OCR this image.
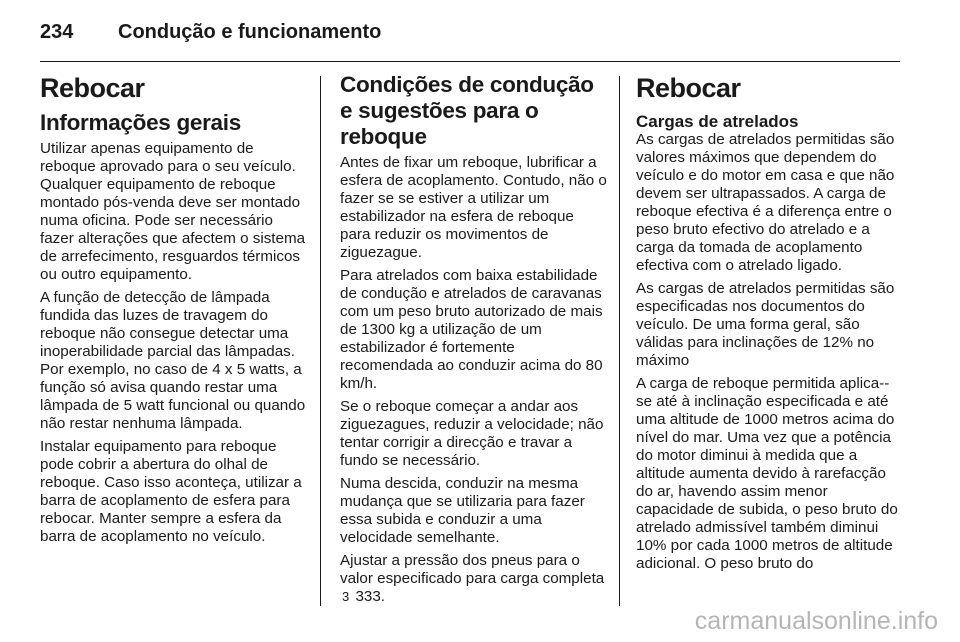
234	Condução e funcionamento
Rebocar
Informações gerais

Utilizar apenas equipamento de reboque aprovado para o seu veículo. Qualquer equipamento de reboque montado pós-venda deve ser montado numa oficina. Pode ser necessário fazer alterações que afectem o sistema de arrefecimento, resguardos térmicos ou outro equipamento.

A função de detecção de lâmpada fundida das luzes de travagem do reboque não consegue detectar uma inoperabilidade parcial das lâmpadas. Por exemplo, no caso de 4 x 5 watts, a função só avisa quando restar uma lâmpada de 5 watt funcional ou quando não restar nenhuma lâmpada.

Instalar equipamento para reboque pode cobrir a abertura do olhal de reboque. Caso isso aconteça, utilizar a barra de acoplamento de esfera para rebocar. Manter sempre a esfera da barra de acoplamento no veículo.

Condições de condução e sugestões para o reboque

Antes de fixar um reboque, lubrificar a esfera de acoplamento. Contudo, não o fazer se se estiver a utilizar um estabilizador na esfera de reboque para reduzir os movimentos de ziguezague.

Para atrelados com baixa estabilidade de condução e atrelados de caravanas com um peso bruto autorizado de mais de 1300 kg a utilização de um estabilizador é fortemente recomendada ao conduzir acima do 80 km/h.

Se o reboque começar a andar aos ziguezagues, reduzir a velocidade; não tentar corrigir a direcção e travar a fundo se necessário.

Numa descida, conduzir na mesma mudança que se utilizaria para fazer essa subida e conduzir a uma velocidade semelhante.

Ajustar a pressão dos pneus para o valor especificado para carga completa 3 333.

Rebocar
Cargas de atrelados

As cargas de atrelados permitidas são valores máximos que dependem do veículo e do motor em casa e que não devem ser ultrapassados. A carga de reboque efectiva é a diferença entre o peso bruto efectivo do atrelado e a carga da tomada de acoplamento efectiva com o atrelado ligado.

As cargas de atrelados permitidas são especificadas nos documentos do veículo. De uma forma geral, são válidas para inclinações de 12% no máximo

A carga de reboque permitida aplica--se até à inclinação especificada e até uma altitude de 1000 metros acima do nível do mar. Uma vez que a potência do motor diminui à medida que a altitude aumenta devido à rarefacção do ar, havendo assim menor capacidade de subida, o peso bruto do atrelado admissível também diminui 10% por cada 1000 metros de altitude adicional. O peso bruto do

carmanualsonline.info
